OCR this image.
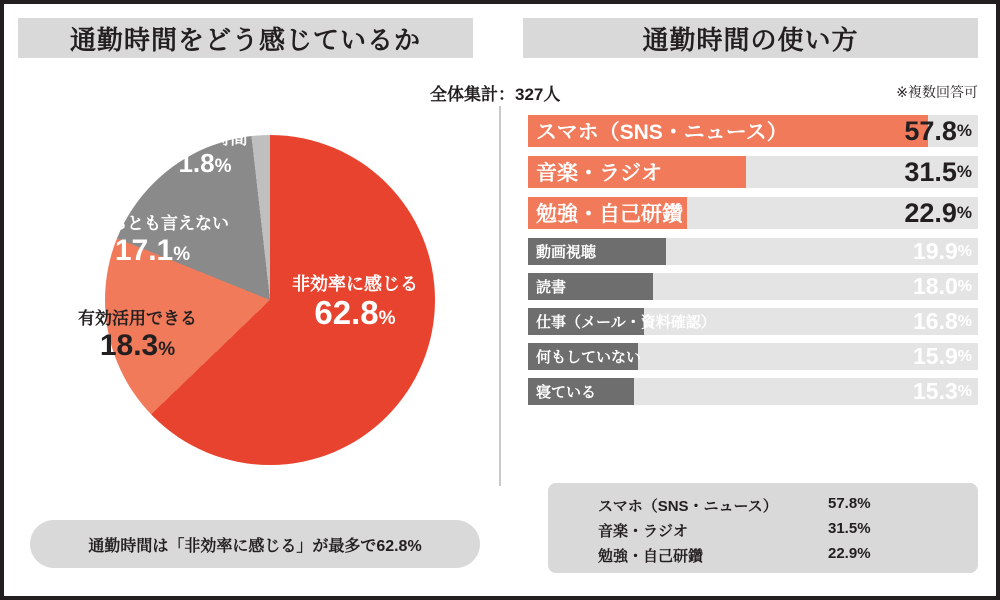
通勤時間をどう感じているか	通勤時間の使い方
全体集計：327人	※複数回答可
非効率に感じる
62.8%
有効活用できる
18.3%
どちらとも言えない
17.1%
重要な時間
1.8%
通勤時間は「非効率に感じる」が最多で62.8%
スマホ（SNS・ニュース）	57.8 %
音楽・ラジオ	31.5 %
勉強・自己研鑽	22.9 %
動画視聴	19.9 %
読書	18.0 %
仕事（メール・資料確認）	16.8 %
何もしていない	15.9 %
寝ている	15.3 %
スマホ（SNS・ニュース）	57.8%
音楽・ラジオ	31.5%
勉強・自己研鑽	22.9%
